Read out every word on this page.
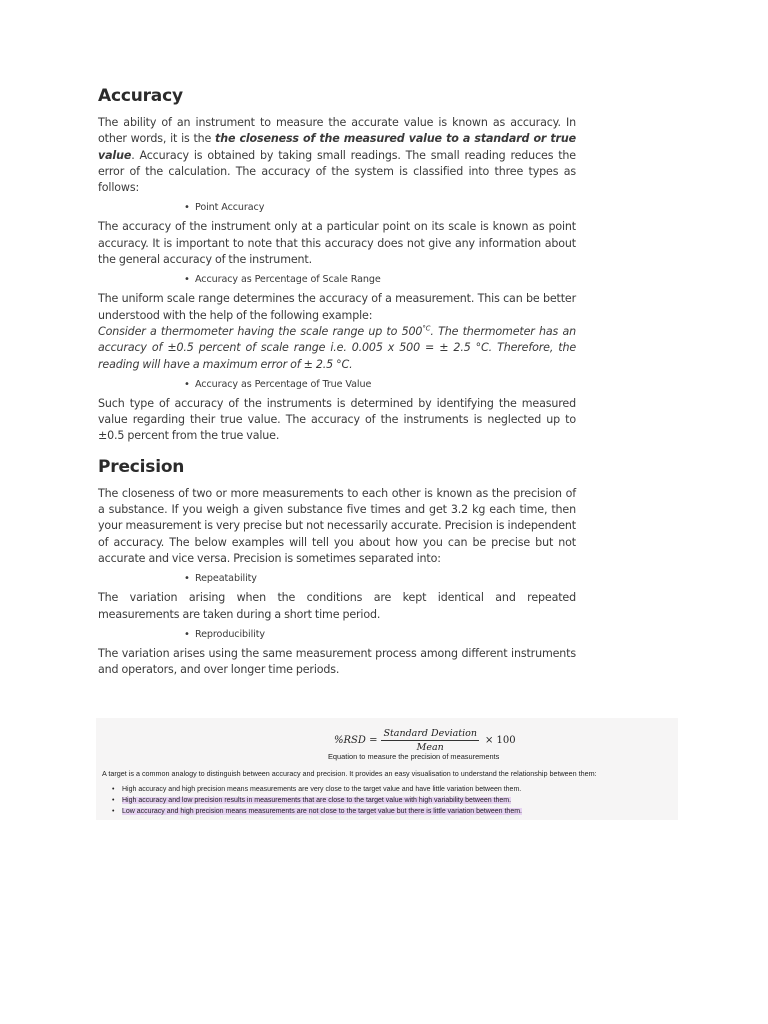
Accuracy

The ability of an instrument to measure the accurate value is known as accuracy. In other words, it is the the closeness of the measured value to a standard or true value. Accuracy is obtained by taking small readings. The small reading reduces the error of the calculation. The accuracy of the system is classified into three types as follows:

• Point Accuracy

The accuracy of the instrument only at a particular point on its scale is known as point accuracy. It is important to note that this accuracy does not give any information about the general accuracy of the instrument.

• Accuracy as Percentage of Scale Range

The uniform scale range determines the accuracy of a measurement. This can be better understood with the help of the following example:

Consider a thermometer having the scale range up to $500^{^\circ C}$. The thermometer has an accuracy of ±0.5 percent of scale range i.e. 0.005 x 500 = ± 2.5 °C. Therefore, the reading will have a maximum error of ± 2.5 °C.

• Accuracy as Percentage of True Value

Such type of accuracy of the instruments is determined by identifying the measured value regarding their true value. The accuracy of the instruments is neglected up to ±0.5 percent from the true value.

Precision

The closeness of two or more measurements to each other is known as the precision of a substance. If you weigh a given substance five times and get 3.2 kg each time, then your measurement is very precise but not necessarily accurate. Precision is independent of accuracy. The below examples will tell you about how you can be precise but not accurate and vice versa. Precision is sometimes separated into:

• Repeatability

The variation arising when the conditions are kept identical and repeated measurements are taken during a short time period.

• Reproducibility

The variation arises using the same measurement process among different instruments and operators, and over longer time periods.

$\%RSD = \frac{\text{Standard Deviation}}{\text{Mean}} \times 100$
Equation to measure the precision of measurements
A target is a common analogy to distinguish between accuracy and precision. It provides an easy visualisation to understand the relationship between them:
• High accuracy and high precision means measurements are very close to the target value and have little variation between them.
• High accuracy and low precision results in measurements that are close to the target value with high variability between them.
• Low accuracy and high precision means measurements are not close to the target value but there is little variation between them.
